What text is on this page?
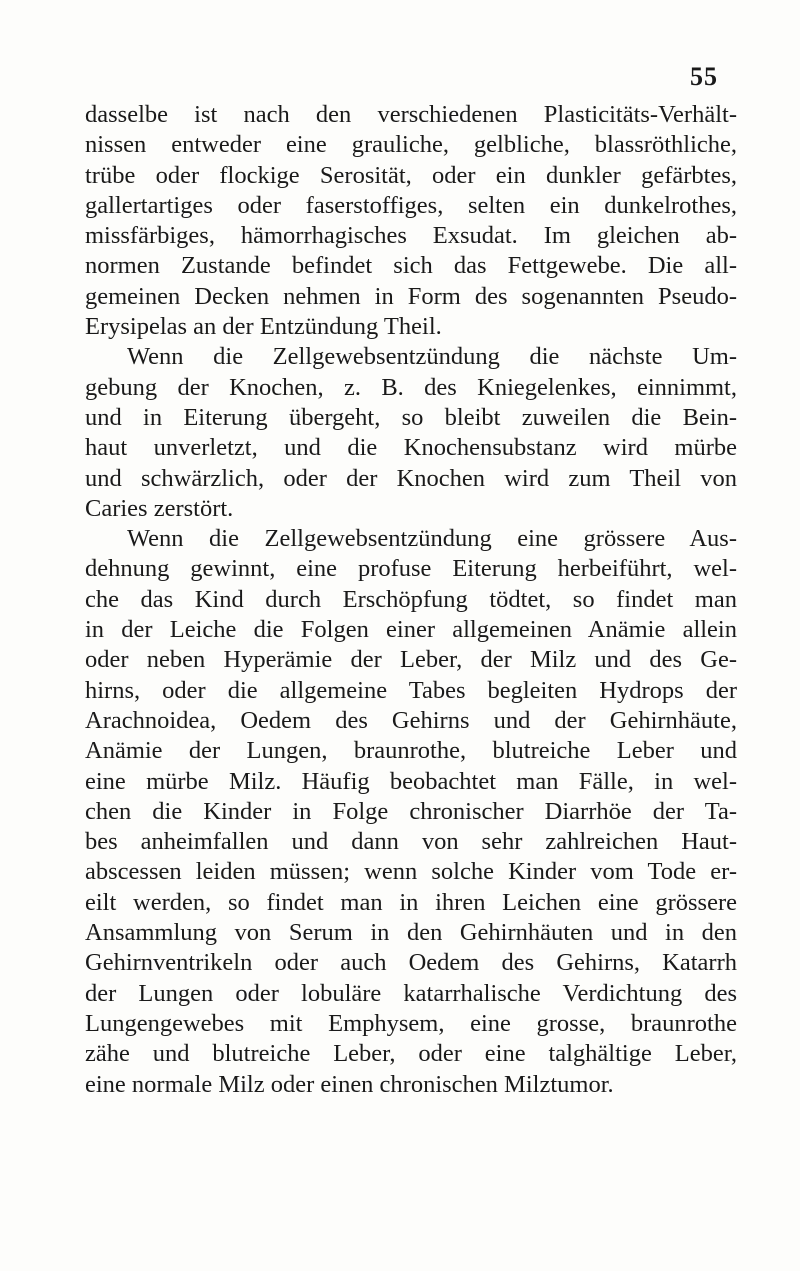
55
dasselbe ist nach den verschiedenen Plasticitäts-Verhält-
nissen entweder eine grauliche, gelbliche, blassröthliche,
trübe oder flockige Serosität, oder ein dunkler gefärbtes,
gallertartiges oder faserstoffiges, selten ein dunkelrothes,
missfärbiges, hämorrhagisches Exsudat. Im gleichen ab-
normen Zustande befindet sich das Fettgewebe. Die all-
gemeinen Decken nehmen in Form des sogenannten Pseudo-
Erysipelas an der Entzündung Theil.
Wenn die Zellgewebsentzündung die nächste Um-
gebung der Knochen, z. B. des Kniegelenkes, einnimmt,
und in Eiterung übergeht, so bleibt zuweilen die Bein-
haut unverletzt, und die Knochensubstanz wird mürbe
und schwärzlich, oder der Knochen wird zum Theil von
Caries zerstört.
Wenn die Zellgewebsentzündung eine grössere Aus-
dehnung gewinnt, eine profuse Eiterung herbeiführt, wel-
che das Kind durch Erschöpfung tödtet, so findet man
in der Leiche die Folgen einer allgemeinen Anämie allein
oder neben Hyperämie der Leber, der Milz und des Ge-
hirns, oder die allgemeine Tabes begleiten Hydrops der
Arachnoidea, Oedem des Gehirns und der Gehirnhäute,
Anämie der Lungen, braunrothe, blutreiche Leber und
eine mürbe Milz. Häufig beobachtet man Fälle, in wel-
chen die Kinder in Folge chronischer Diarrhöe der Ta-
bes anheimfallen und dann von sehr zahlreichen Haut-
abscessen leiden müssen; wenn solche Kinder vom Tode er-
eilt werden, so findet man in ihren Leichen eine grössere
Ansammlung von Serum in den Gehirnhäuten und in den
Gehirnventrikeln oder auch Oedem des Gehirns, Katarrh
der Lungen oder lobuläre katarrhalische Verdichtung des
Lungengewebes mit Emphysem, eine grosse, braunrothe
zähe und blutreiche Leber, oder eine talghältige Leber,
eine normale Milz oder einen chronischen Milztumor.
